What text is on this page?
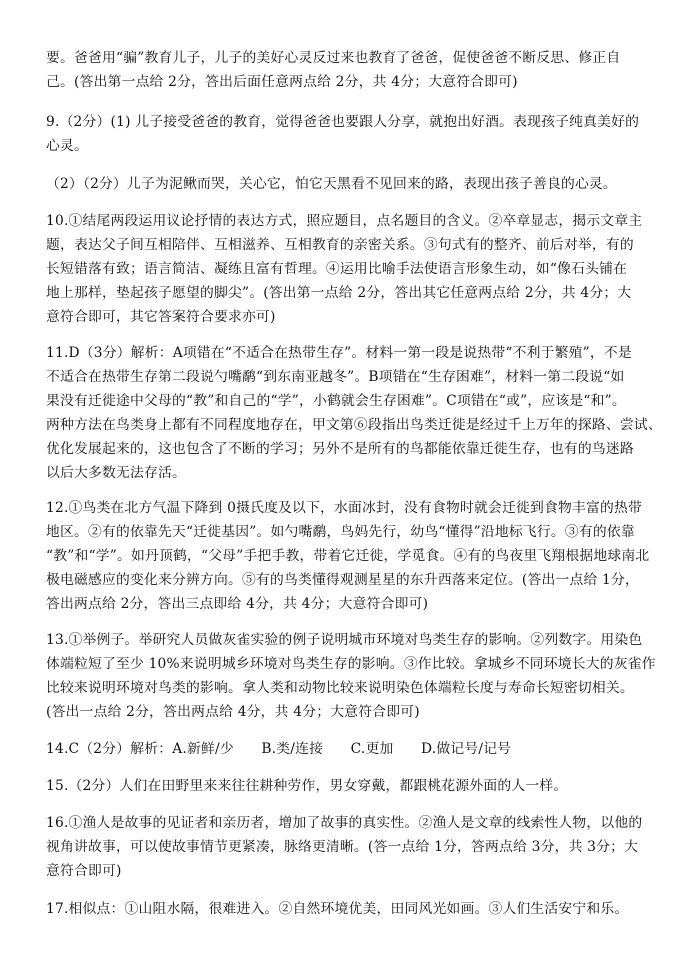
要。爸爸用“骗”教育儿子，儿子的美好心灵反过来也教育了爸爸，促使爸爸不断反思、修正自
己。(答出第一点给 2分，答出后面任意两点给 2分，共 4分；大意符合即可)
9.（2分）(1) 儿子接受爸爸的教育，觉得爸爸也要跟人分享，就抱出好酒。表现孩子纯真美好的
心灵。
（2）（2分）儿子为泥鳅而哭，关心它，怕它天黑看不见回来的路，表现出孩子善良的心灵。
10.①结尾两段运用议论抒情的表达方式，照应题目，点名题目的含义。②卒章显志，揭示文章主
题，表达父子间互相陪伴、互相滋养、互相教育的亲密关系。③句式有的整齐、前后对举，有的
长短错落有致；语言简洁、凝练且富有哲理。④运用比喻手法使语言形象生动，如“像石头铺在
地上那样，垫起孩子愿望的脚尖”。(答出第一点给 2分，答出其它任意两点给 2分，共 4分；大
意符合即可，其它答案符合要求亦可)
11.D（3分）解析：A项错在“不适合在热带生存”。材料一第一段是说热带“不利于繁殖”，不是
不适合在热带生存第二段说勺嘴鹬“到东南亚越冬”。B项错在“生存困难”，材料一第二段说“如
果没有迁徙途中父母的“教”和自己的“学”，小鹤就会生存困难”。C项错在“或”，应该是“和”。
两种方法在鸟类身上都有不同程度地存在，甲文第⑥段指出鸟类迁徙是经过千上万年的探路、尝试、
优化发展起来的，这也包含了不断的学习；另外不是所有的鸟都能依靠迁徙生存，也有的鸟迷路
以后大多数无法存活。
12.①鸟类在北方气温下降到 0摄氏度及以下，水面冰封，没有食物时就会迁徙到食物丰富的热带
地区。②有的依靠先天“迁徙基因”。如勺嘴鹬，鸟妈先行，幼鸟“懂得”沿地标飞行。③有的依靠
“教”和“学”。如丹顶鹤，“父母”手把手教，带着它迁徙，学觅食。④有的鸟夜里飞翔根据地球南北
极电磁感应的变化来分辨方向。⑤有的鸟类懂得观测星星的东升西落来定位。(答出一点给 1分，
答出两点给 2分，答出三点即给 4分，共 4分；大意符合即可)
13.①举例子。举研究人员做灰雀实验的例子说明城市环境对鸟类生存的影响。②列数字。用染色
体端粒短了至少 10%来说明城乡环境对鸟类生存的影响。③作比较。拿城乡不同环境长大的灰雀作
比较来说明环境对鸟类的影响。拿人类和动物比较来说明染色体端粒长度与寿命长短密切相关。
(答出一点给 2分，答出两点给 4分，共 4分；大意符合即可)
14.C（2分）解析：A.新鲜/少      B.类/连接      C.更加      D.做记号/记号
15.（2分）人们在田野里来来往往耕种劳作，男女穿戴，都跟桃花源外面的人一样。
16.①渔人是故事的见证者和亲历者，增加了故事的真实性。②渔人是文章的线索性人物，以他的
视角讲故事，可以使故事情节更紧凑，脉络更清晰。(答一点给 1分，答两点给 3分，共 3分；大
意符合即可)
17.相似点：①山阻水隔，很难进入。②自然环境优美，田同风光如画。③人们生活安宁和乐。
